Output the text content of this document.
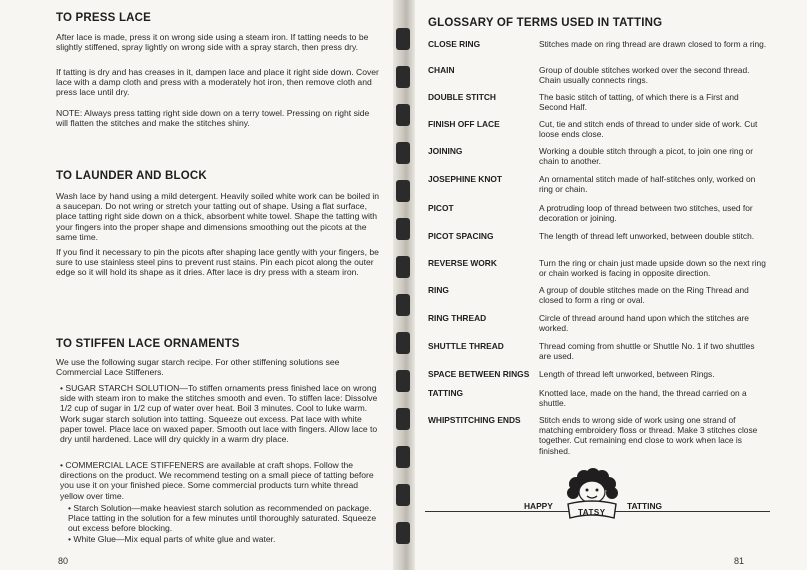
TO PRESS LACE

After lace is made, press it on wrong side using a steam iron. If tatting needs to be slightly stiffened, spray lightly on wrong side with a spray starch, then press dry.

If tatting is dry and has creases in it, dampen lace and place it right side down. Cover lace with a damp cloth and press with a moderately hot iron, then remove cloth and press lace until dry.

NOTE: Always press tatting right side down on a terry towel. Pressing on right side will flatten the stitches and make the stitches shiny.

TO LAUNDER AND BLOCK

Wash lace by hand using a mild detergent. Heavily soiled white work can be boiled in a saucepan. Do not wring or stretch your tatting out of shape. Using a flat surface, place tatting right side down on a thick, absorbent white towel. Shape the tatting with your fingers into the proper shape and dimensions smoothing out the picots at the same time.

If you find it necessary to pin the picots after shaping lace gently with your fingers, be sure to use stainless steel pins to prevent rust stains. Pin each picot along the outer edge so it will hold its shape as it dries. After lace is dry press with a steam iron.

TO STIFFEN LACE ORNAMENTS

We use the following sugar starch recipe. For other stiffening solutions see Commercial Lace Stiffeners.

• SUGAR STARCH SOLUTION—To stiffen ornaments press finished lace on wrong side with steam iron to make the stitches smooth and even. To stiffen lace: Dissolve 1/2 cup of sugar in 1/2 cup of water over heat. Boil 3 minutes. Cool to luke warm. Work sugar starch solution into tatting. Squeeze out excess. Pat lace with white paper towel. Place lace on waxed paper. Smooth out lace with fingers. Allow lace to dry until hardened. Lace will dry quickly in a warm dry place.

• COMMERCIAL LACE STIFFENERS are available at craft shops. Follow the directions on the product. We recommend testing on a small piece of tatting before you use it on your finished piece. Some commercial products turn white thread yellow over time.

• Starch Solution—make heaviest starch solution as recommended on package. Place tatting in the solution for a few minutes until thoroughly saturated. Squeeze out excess before blocking.

• White Glue—Mix equal parts of white glue and water.

80
GLOSSARY OF TERMS USED IN TATTING
CLOSE RING	Stitches made on ring thread are drawn closed to form a ring.
CHAIN	Group of double stitches worked over the second thread. Chain usually connects rings.
DOUBLE STITCH	The basic stitch of tatting, of which there is a First and Second Half.
FINISH OFF LACE	Cut, tie and stitch ends of thread to under side of work. Cut loose ends close.
JOINING	Working a double stitch through a picot, to join one ring or chain to another.
JOSEPHINE KNOT	An ornamental stitch made of half-stitches only, worked on ring or chain.
PICOT	A protruding loop of thread between two stitches, used for decoration or joining.
PICOT SPACING	The length of thread left unworked, between double stitch.
REVERSE WORK	Turn the ring or chain just made upside down so the next ring or chain worked is facing in opposite direction.
RING	A group of double stitches made on the Ring Thread and closed to form a ring or oval.
RING THREAD	Circle of thread around hand upon which the stitches are worked.
SHUTTLE THREAD	Thread coming from shuttle or Shuttle No. 1 if two shuttles are used.
SPACE BETWEEN RINGS	Length of thread left unworked, between Rings.
TATTING	Knotted lace, made on the hand, the thread carried on a shuttle.
WHIPSTITCHING ENDS	Stitch ends to wrong side of work using one strand of matching embroidery floss or thread. Make 3 stitches close together. Cut remaining end close to work when lace is finished.
HAPPY	TATTING
TATSY
81
